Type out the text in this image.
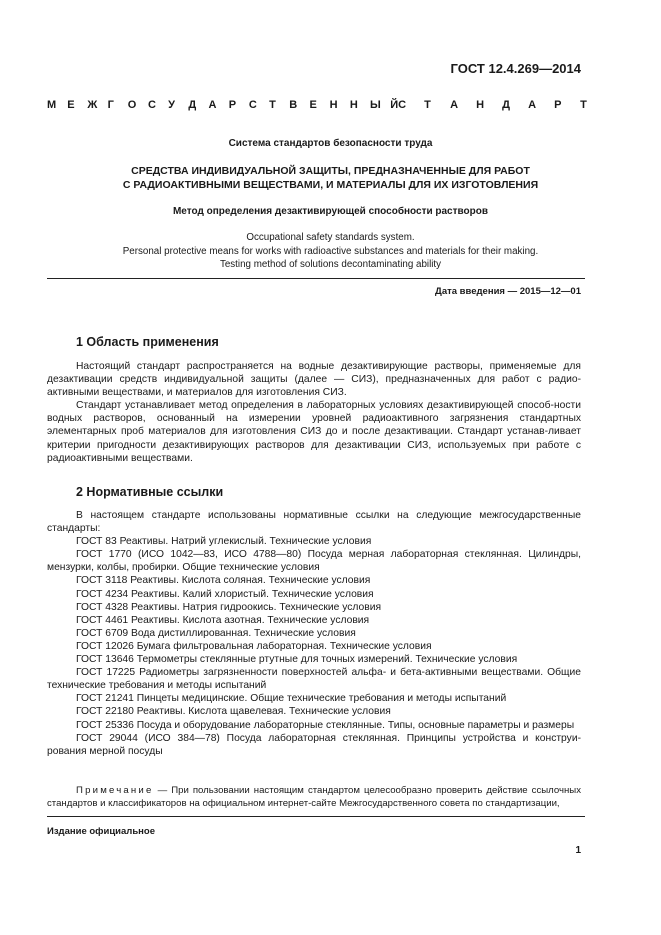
ГОСТ 12.4.269—2014
М	Е	Ж Г	О	С	У	Д	А	Р	С	Т	В	Е	Н	Н	Ы Й С	Т	А	Н	Д	А	Р	Т
Система стандартов безопасности труда
СРЕДСТВА ИНДИВИДУАЛЬНОЙ ЗАЩИТЫ, ПРЕДНАЗНАЧЕННЫЕ ДЛЯ РАБОТ
С РАДИОАКТИВНЫМИ ВЕЩЕСТВАМИ, И МАТЕРИАЛЫ ДЛЯ ИХ ИЗГОТОВЛЕНИЯ
Метод определения дезактивирующей способности растворов
Occupational safety standards system.
Personal protective means for works with radioactive substances and materials for their making.
Testing method of solutions decontaminating ability
Дата введения — 2015—12—01
1 Область применения

Настоящий стандарт распространяется на водные дезактивирующие растворы, применяемые для дезактивации средств индивидуальной защиты (далее — СИЗ), предназначенных для работ с радио-активными веществами, и материалов для изготовления СИЗ.

Стандарт устанавливает метод определения в лабораторных условиях дезактивирующей способ-ности водных растворов, основанный на измерении уровней радиоактивного загрязнения стандартных элементарных проб материалов для изготовления СИЗ до и после дезактивации. Стандарт устанав-ливает критерии пригодности дезактивирующих растворов для дезактивации СИЗ, используемых при работе с радиоактивными веществами.

2 Нормативные ссылки

В настоящем стандарте использованы нормативные ссылки на следующие межгосударственные стандарты:

ГОСТ 83 Реактивы. Натрий углекислый. Технические условия

ГОСТ 1770 (ИСО 1042—83, ИСО 4788—80) Посуда мерная лабораторная стеклянная. Цилиндры, мензурки, колбы, пробирки. Общие технические условия

ГОСТ 3118 Реактивы. Кислота соляная. Технические условия

ГОСТ 4234 Реактивы. Калий хлористый. Технические условия

ГОСТ 4328 Реактивы. Натрия гидроокись. Технические условия

ГОСТ 4461 Реактивы. Кислота азотная. Технические условия

ГОСТ 6709 Вода дистиллированная. Технические условия

ГОСТ 12026 Бумага фильтровальная лабораторная. Технические условия

ГОСТ 13646 Термометры стеклянные ртутные для точных измерений. Технические условия

ГОСТ 17225 Радиометры загрязненности поверхностей альфа- и бета-активными веществами. Общие технические требования и методы испытаний

ГОСТ 21241 Пинцеты медицинские. Общие технические требования и методы испытаний

ГОСТ 22180 Реактивы. Кислота щавелевая. Технические условия

ГОСТ 25336 Посуда и оборудование лабораторные стеклянные. Типы, основные параметры и размеры

ГОСТ 29044 (ИСО 384—78) Посуда лабораторная стеклянная. Принципы устройства и конструи-рования мерной посуды

Примечание — При пользовании настоящим стандартом целесообразно проверить действие ссылочных стандартов и классификаторов на официальном интернет-сайте Межгосударственного совета по стандартизации,

Издание официальное
1
